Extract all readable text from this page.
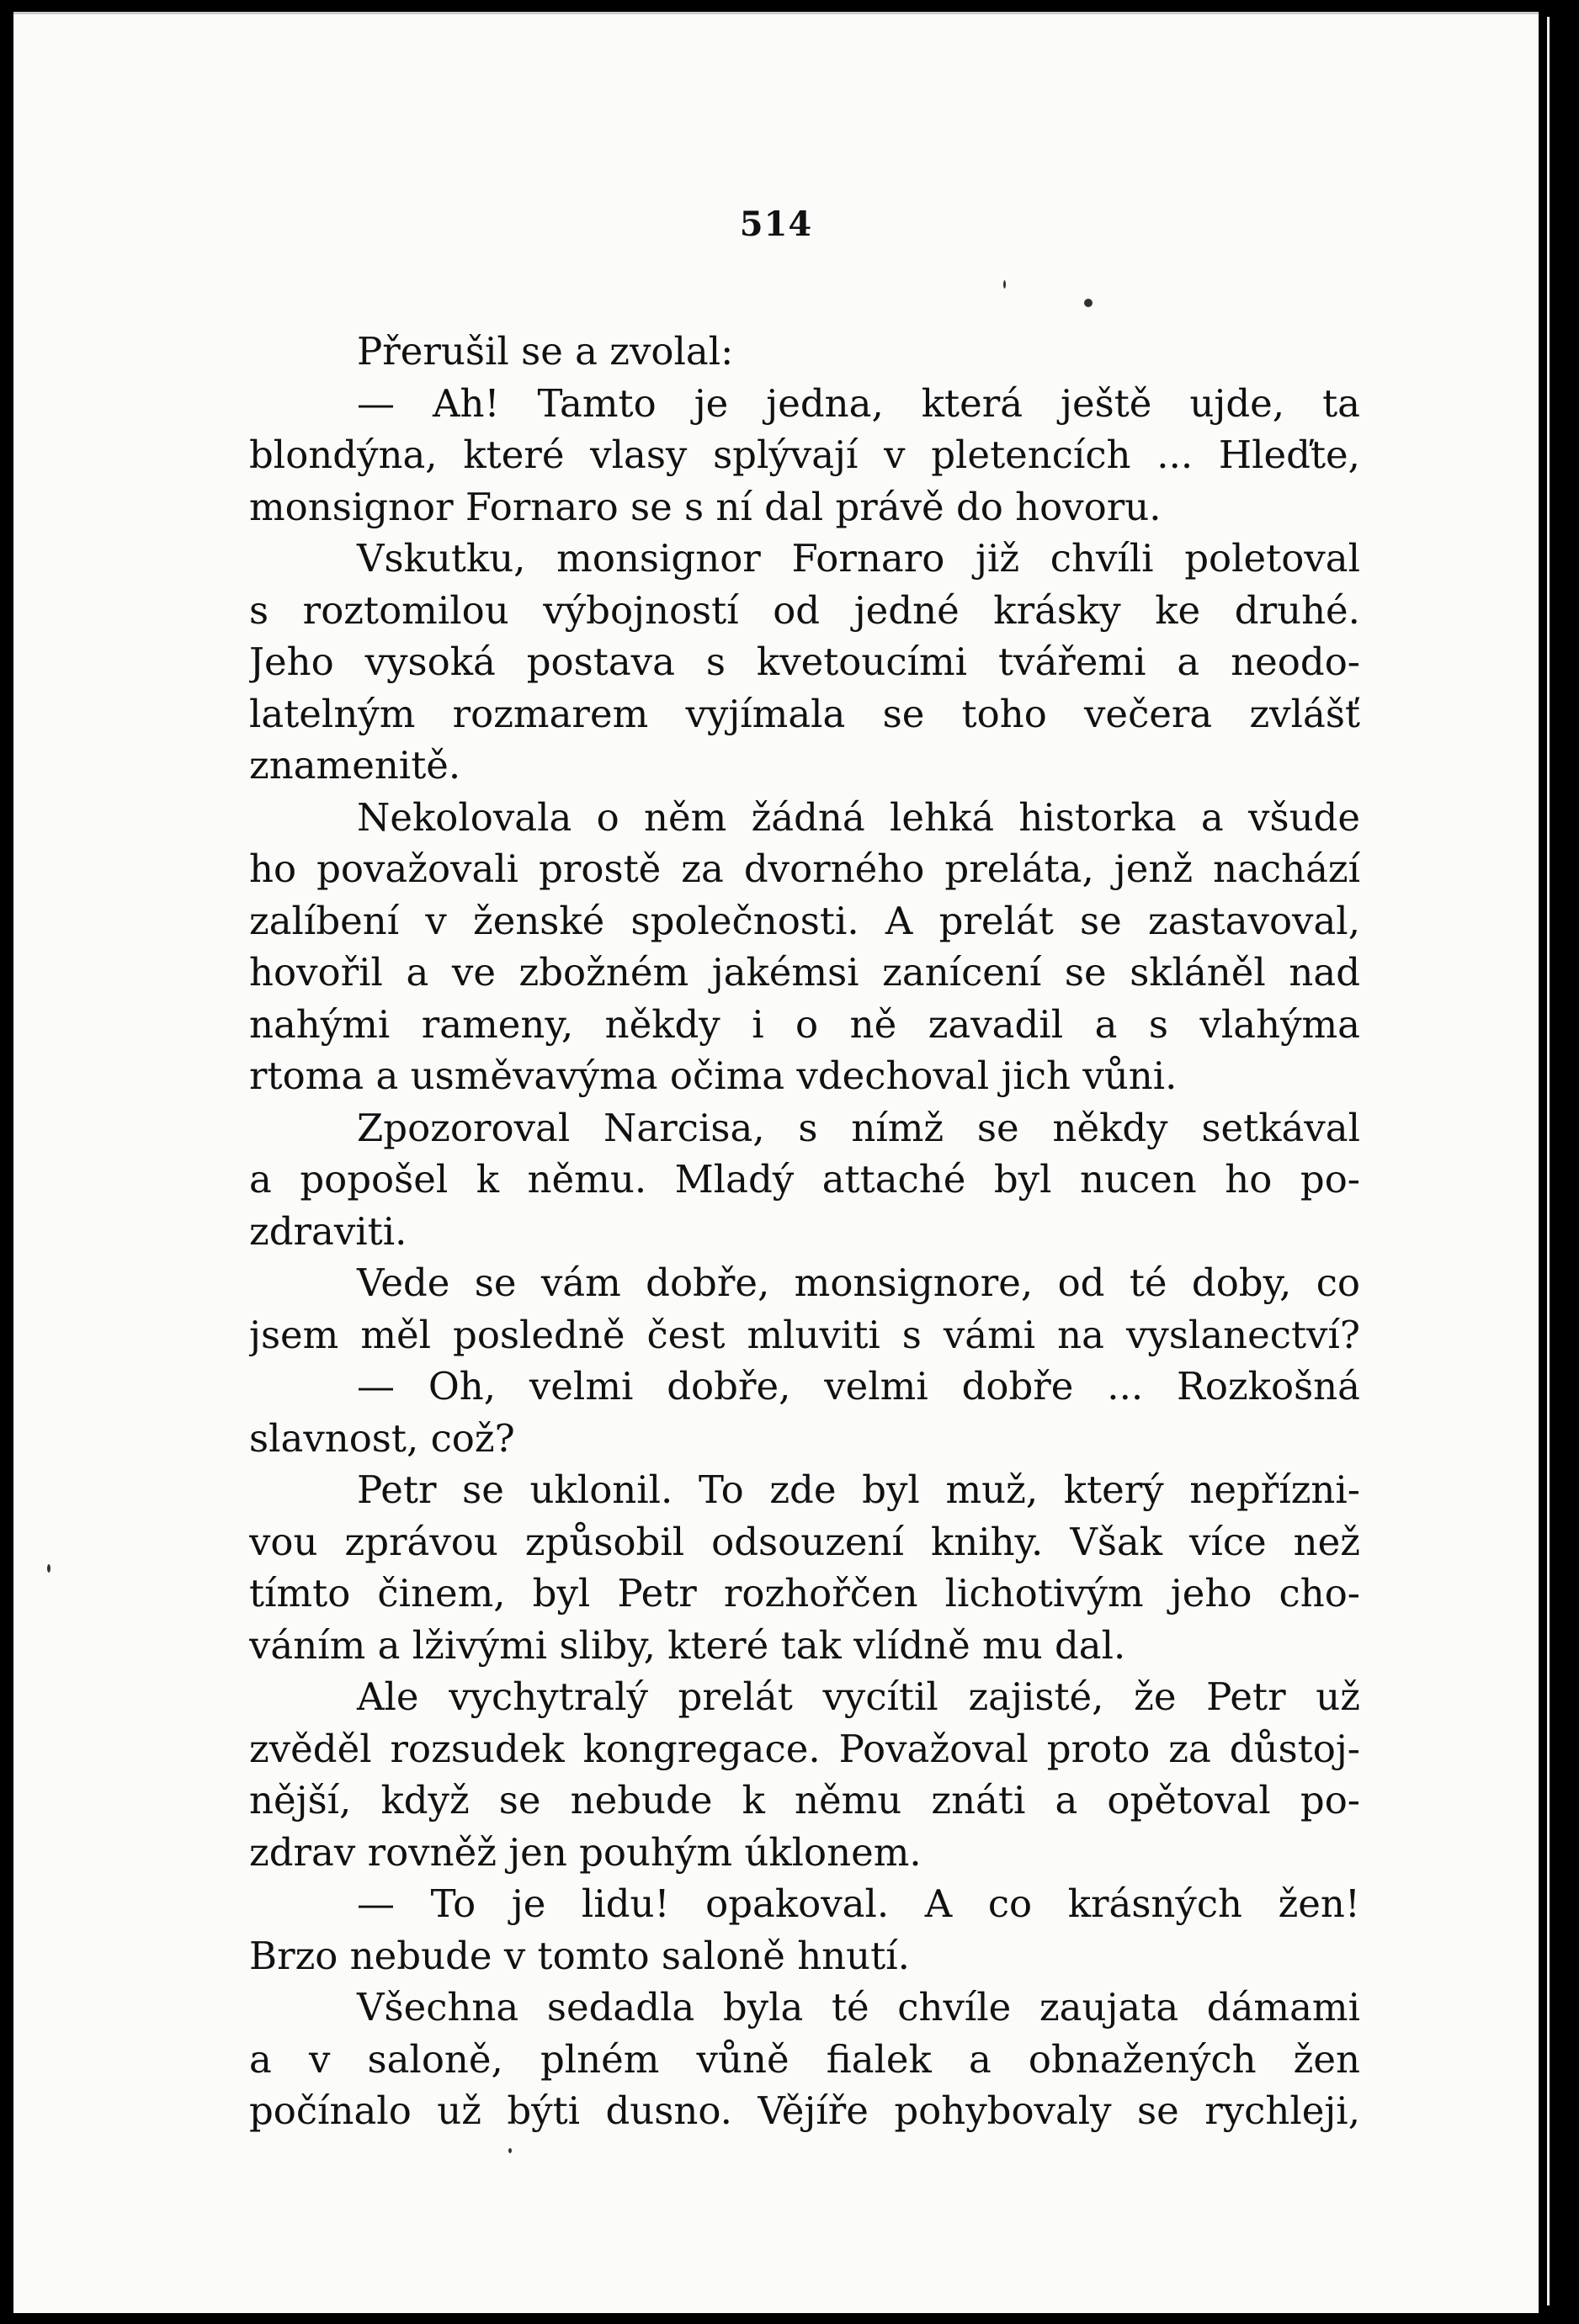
514
Přerušil se a zvolal:
— Ah! Tamto je jedna, která ještě ujde, ta
blondýna, které vlasy splývají v pletencích ... Hleďte,
monsignor Fornaro se s ní dal právě do hovoru.
Vskutku, monsignor Fornaro již chvíli poletoval
s roztomilou výbojností od jedné krásky ke druhé.
Jeho vysoká postava s kvetoucími tvářemi a neodo-
latelným rozmarem vyjímala se toho večera zvlášť
znamenitě.
Nekolovala o něm žádná lehká historka a všude
ho považovali prostě za dvorného preláta, jenž nachází
zalíbení v ženské společnosti. A prelát se zastavoval,
hovořil a ve zbožném jakémsi zanícení se skláněl nad
nahými rameny, někdy i o ně zavadil a s vlahýma
rtoma a usměvavýma očima vdechoval jich vůni.
Zpozoroval Narcisa, s nímž se někdy setkával
a popošel k němu. Mladý attaché byl nucen ho po-
zdraviti.
Vede se vám dobře, monsignore, od té doby, co
jsem měl posledně čest mluviti s vámi na vyslanectví?
— Oh, velmi dobře, velmi dobře ... Rozkošná
slavnost, což?
Petr se uklonil. To zde byl muž, který nepřízni-
vou zprávou způsobil odsouzení knihy. Však více než
tímto činem, byl Petr rozhořčen lichotivým jeho cho-
váním a lživými sliby, které tak vlídně mu dal.
Ale vychytralý prelát vycítil zajisté, že Petr už
zvěděl rozsudek kongregace. Považoval proto za důstoj-
nější, když se nebude k němu znáti a opětoval po-
zdrav rovněž jen pouhým úklonem.
— To je lidu! opakoval. A co krásných žen!
Brzo nebude v tomto saloně hnutí.
Všechna sedadla byla té chvíle zaujata dámami
a v saloně, plném vůně fialek a obnažených žen
počínalo už býti dusno. Vějíře pohybovaly se rychleji,
